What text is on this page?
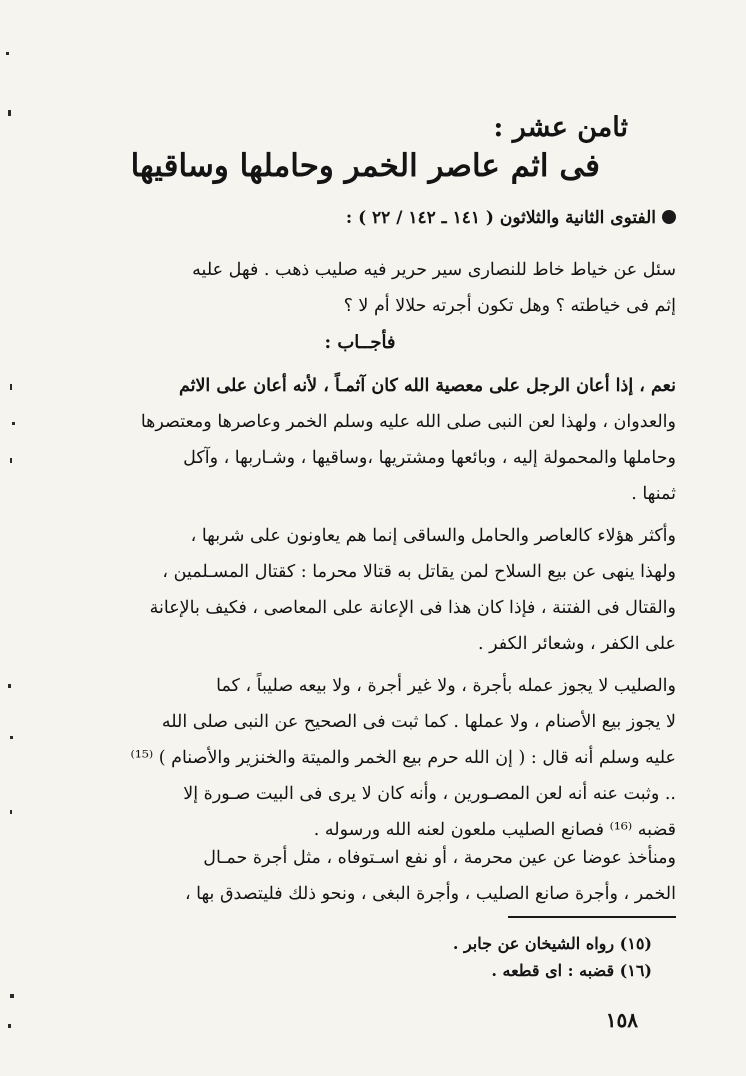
ثامن عشر :
فى اثم عاصر الخمر وحاملها وساقيها
الفتوى الثانية والثلاثون ( ١٤١ ـ ١٤٢ / ٢٢ ) :
سئل عن خياط خاط للنصارى سير حرير فيه صليب ذهب . فهل عليه
إثم فى خياطته ؟ وهل تكون أجرته حلالا أم لا ؟
فأجــاب :
نعم ، إذا أعان الرجل على معصية الله كان آثمـاً ، لأنه أعان على الاثم
والعدوان ، ولهذا لعن النبى صلى الله عليه وسلم الخمر وعاصرها ومعتصرها
وحاملها والمحمولة إليه ، وبائعها ومشتريها ،وساقيها ، وشـاربها ، وآكل
ثمنها .
وأكثر هؤلاء كالعاصر والحامل والساقى إنما هم يعاونون على شربها ،
ولهذا ينهى عن بيع السلاح لمن يقاتل به قتالا محرما : كقتال المسـلمين ،
والقتال فى الفتنة ، فإذا كان هذا فى الإعانة على المعاصى ، فكيف بالإعانة
على الكفر ، وشعائر الكفر .
والصليب لا يجوز عمله بأجرة ، ولا غير أجرة ، ولا بيعه صليباً ، كما
لا يجوز بيع الأصنام ، ولا عملها . كما ثبت فى الصحيح عن النبى صلى الله
عليه وسلم أنه قال : ( إن الله حرم بيع الخمر والميتة والخنزير والأصنام ) ⁽¹⁵⁾
.. وثبت عنه أنه لعن المصـورين ، وأنه كان لا يرى فى البيت صـورة إلا
قضبه ⁽¹⁶⁾ فصانع الصليب ملعون لعنه الله ورسوله .
ومنأخذ عوضا عن عين محرمة ، أو نفع اسـتوفاه ، مثل أجرة حمـال
الخمر ، وأجرة صانع الصليب ، وأجرة البغى ، ونحو ذلك فليتصدق بها ،
(١٥) رواه الشيخان عن جابر .
(١٦) قضبه : اى قطعه .
١٥٨
